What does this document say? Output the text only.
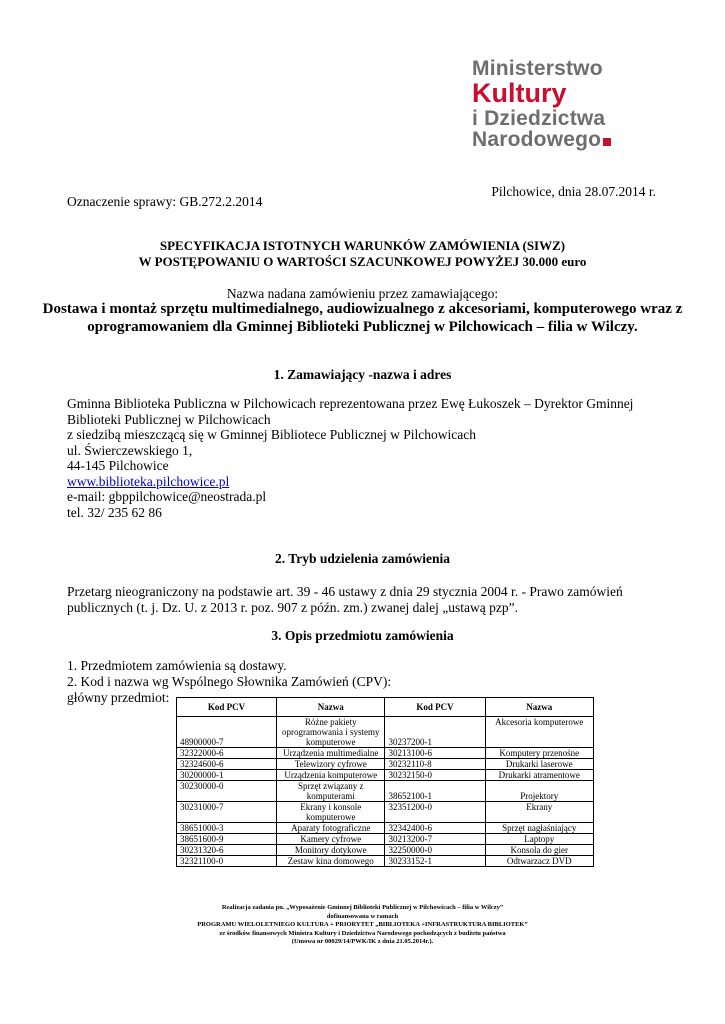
Ministerstwo
Kultury
i Dziedzictwa
Narodowego
Pilchowice, dnia 28.07.2014 r.
Oznaczenie sprawy: GB.272.2.2014
SPECYFIKACJA ISTOTNYCH WARUNKÓW ZAMÓWIENIA (SIWZ)
W POSTĘPOWANIU O WARTOŚCI SZACUNKOWEJ POWYŻEJ 30.000 euro
Nazwa nadana zamówieniu przez zamawiającego:
Dostawa i montaż sprzętu multimedialnego, audiowizualnego z akcesoriami, komputerowego wraz z oprogramowaniem dla Gminnej Biblioteki Publicznej w Pilchowicach – filia w Wilczy.
1. Zamawiający -nazwa i adres
Gminna Biblioteka Publiczna w Pilchowicach reprezentowana przez Ewę Łukoszek – Dyrektor Gminnej Biblioteki Publicznej w Pilchowicach
z siedzibą mieszczącą się w Gminnej Bibliotece Publicznej w Pilchowicach
ul. Świerczewskiego 1,
44-145 Pilchowice
www.biblioteka.pilchowice.pl
e-mail: gbppilchowice@neostrada.pl
tel. 32/ 235 62 86
2. Tryb udzielenia zamówienia
Przetarg nieograniczony na podstawie art. 39 - 46 ustawy z dnia 29 stycznia 2004 r. - Prawo zamówień publicznych (t. j. Dz. U. z 2013 r. poz. 907 z późn. zm.) zwanej dalej „ustawą pzp”.
3. Opis przedmiotu zamówienia
1. Przedmiotem zamówienia są dostawy.
2. Kod i nazwa wg Wspólnego Słownika Zamówień (CPV):
główny przedmiot:
Kod PCV	Nazwa	Kod PCV	Nazwa
48900000-7	Różne pakiety oprogramowania i systemy komputerowe	30237200-1	Akcesoria komputerowe
32322000-6	Urządzenia multimedialne	30213100-6	Komputery przenośne
32324600-6	Telewizory cyfrowe	30232110-8	Drukarki laserowe
30200000-1	Urządzenia komputerowe	30232150-0	Drukarki atramentowe
30230000-0	Sprzęt związany z komputerami	38652100-1	Projektory
30231000-7	Ekrany i konsole komputerowe	32351200-0	Ekrany
38651000-3	Aparaty fotograficzne	32342400-6	Sprzęt nagłaśniający
38651600-9	Kamery cyfrowe	30213200-7	Laptopy
30231320-6	Monitory dotykowe	32250000-0	Konsola do gier
32321100-0	Zestaw kina domowego	30233152-1	Odtwarzacz DVD
Realizacja zadania pn. „Wyposażenie Gminnej Biblioteki Publicznej w Pilchowicach – filia w Wilczy”
dofinansowana w ramach
PROGRAMU WIELOLETNIEGO KULTURA + PRIORYTET „BIBLIOTEKA +INFRASTRUKTURA BIBLIOTEK”
ze środków finansowych Ministra Kultury i Dziedzictwa Narodowego pochodzących z budżetu państwa
(Umowa nr 00029/14/PWK/IK z dnia 21.05.2014r.).
